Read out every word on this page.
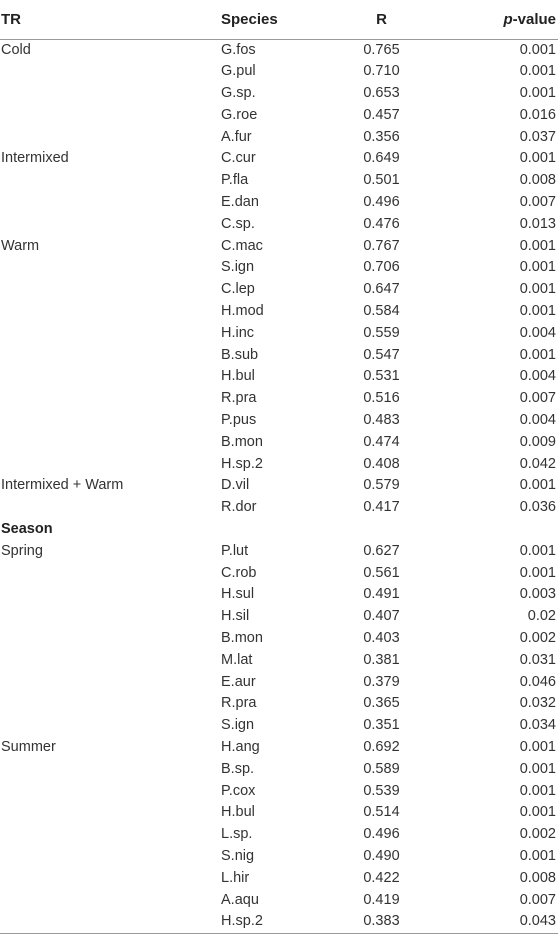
TR	Species	R	p-value
Cold	G.fos	0.765	0.001
	G.pul	0.710	0.001
	G.sp.	0.653	0.001
	G.roe	0.457	0.016
	A.fur	0.356	0.037
Intermixed	C.cur	0.649	0.001
	P.fla	0.501	0.008
	E.dan	0.496	0.007
	C.sp.	0.476	0.013
Warm	C.mac	0.767	0.001
	S.ign	0.706	0.001
	C.lep	0.647	0.001
	H.mod	0.584	0.001
	H.inc	0.559	0.004
	B.sub	0.547	0.001
	H.bul	0.531	0.004
	R.pra	0.516	0.007
	P.pus	0.483	0.004
	B.mon	0.474	0.009
	H.sp.2	0.408	0.042
Intermixed + Warm	D.vil	0.579	0.001
	R.dor	0.417	0.036
Season			
Spring	P.lut	0.627	0.001
	C.rob	0.561	0.001
	H.sul	0.491	0.003
	H.sil	0.407	0.02
	B.mon	0.403	0.002
	M.lat	0.381	0.031
	E.aur	0.379	0.046
	R.pra	0.365	0.032
	S.ign	0.351	0.034
Summer	H.ang	0.692	0.001
	B.sp.	0.589	0.001
	P.cox	0.539	0.001
	H.bul	0.514	0.001
	L.sp.	0.496	0.002
	S.nig	0.490	0.001
	L.hir	0.422	0.008
	A.aqu	0.419	0.007
	H.sp.2	0.383	0.043
